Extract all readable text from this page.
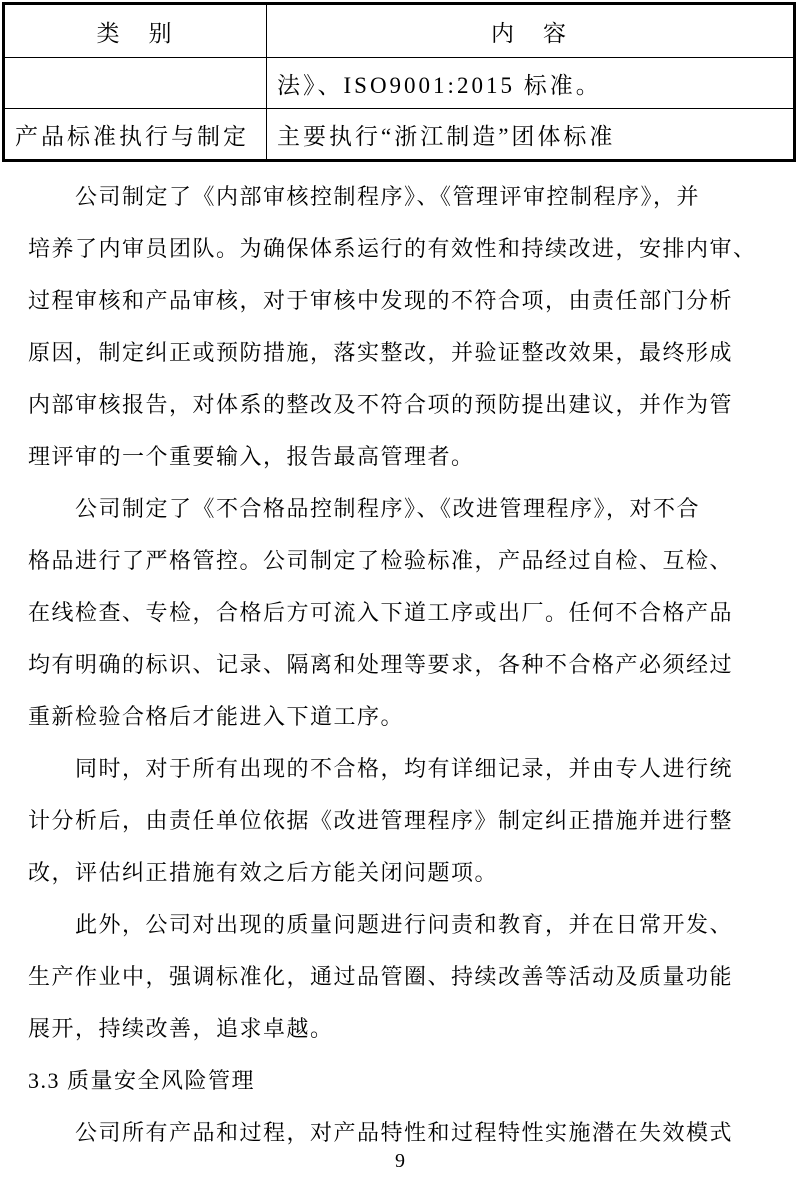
类　别	内　容
	法》、ISO9001:2015 标准。
产品标准执行与制定	主要执行“浙江制造”团体标准
公司制定了《内部审核控制程序》、《管理评审控制程序》，并
培养了内审员团队。为确保体系运行的有效性和持续改进，安排内审、
过程审核和产品审核，对于审核中发现的不符合项，由责任部门分析
原因，制定纠正或预防措施，落实整改，并验证整改效果，最终形成
内部审核报告，对体系的整改及不符合项的预防提出建议，并作为管
理评审的一个重要输入，报告最高管理者。
公司制定了《不合格品控制程序》、《改进管理程序》，对不合
格品进行了严格管控。公司制定了检验标准，产品经过自检、互检、
在线检查、专检，合格后方可流入下道工序或出厂。任何不合格产品
均有明确的标识、记录、隔离和处理等要求，各种不合格产必须经过
重新检验合格后才能进入下道工序。
同时，对于所有出现的不合格，均有详细记录，并由专人进行统
计分析后，由责任单位依据《改进管理程序》制定纠正措施并进行整
改，评估纠正措施有效之后方能关闭问题项。
此外，公司对出现的质量问题进行问责和教育，并在日常开发、
生产作业中，强调标准化，通过品管圈、持续改善等活动及质量功能
展开，持续改善，追求卓越。
3.3 质量安全风险管理
公司所有产品和过程，对产品特性和过程特性实施潜在失效模式
9
